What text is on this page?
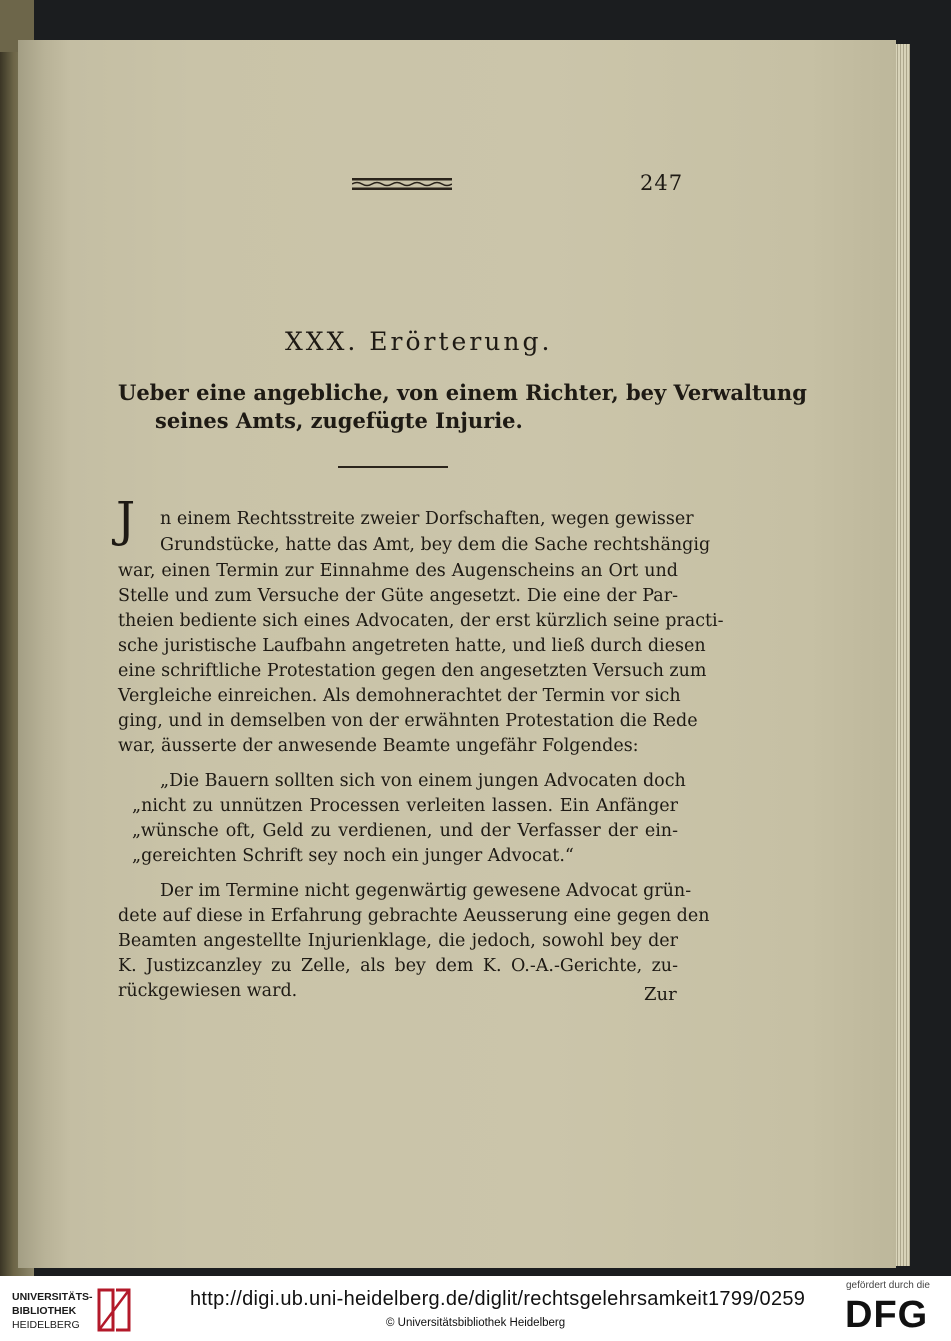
247
XXX. Erörterung.
Ueber eine angebliche, von einem Richter, bey Verwaltung
seines Amts, zugefügte Injurie.
J n einem Rechtsstreite zweier Dorfschaften, wegen gewisser
Grundstücke, hatte das Amt, bey dem die Sache rechtshängig
war, einen Termin zur Einnahme des Augenscheins an Ort und
Stelle und zum Versuche der Güte angesetzt. Die eine der Par-
theien bediente sich eines Advocaten, der erst kürzlich seine practi-
sche juristische Laufbahn angetreten hatte, und ließ durch diesen
eine schriftliche Protestation gegen den angesetzten Versuch zum
Vergleiche einreichen. Als demohnerachtet der Termin vor sich
ging, und in demselben von der erwähnten Protestation die Rede
war, äusserte der anwesende Beamte ungefähr Folgendes:
„Die Bauern sollten sich von einem jungen Advocaten doch
„nicht zu unnützen Processen verleiten lassen. Ein Anfänger
„wünsche oft, Geld zu verdienen, und der Verfasser der ein-
„gereichten Schrift sey noch ein junger Advocat.“
Der im Termine nicht gegenwärtig gewesene Advocat grün-
dete auf diese in Erfahrung gebrachte Aeusserung eine gegen den
Beamten angestellte Injurienklage, die jedoch, sowohl bey der
K. Justizcanzley zu Zelle, als bey dem K. O.-A.-Gerichte, zu-
rückgewiesen ward.	Zur
UNIVERSITÄTS-
BIBLIOTHEK
HEIDELBERG
http://digi.ub.uni-heidelberg.de/diglit/rechtsgelehrsamkeit1799/0259
© Universitätsbibliothek Heidelberg
gefördert durch die
DFG
